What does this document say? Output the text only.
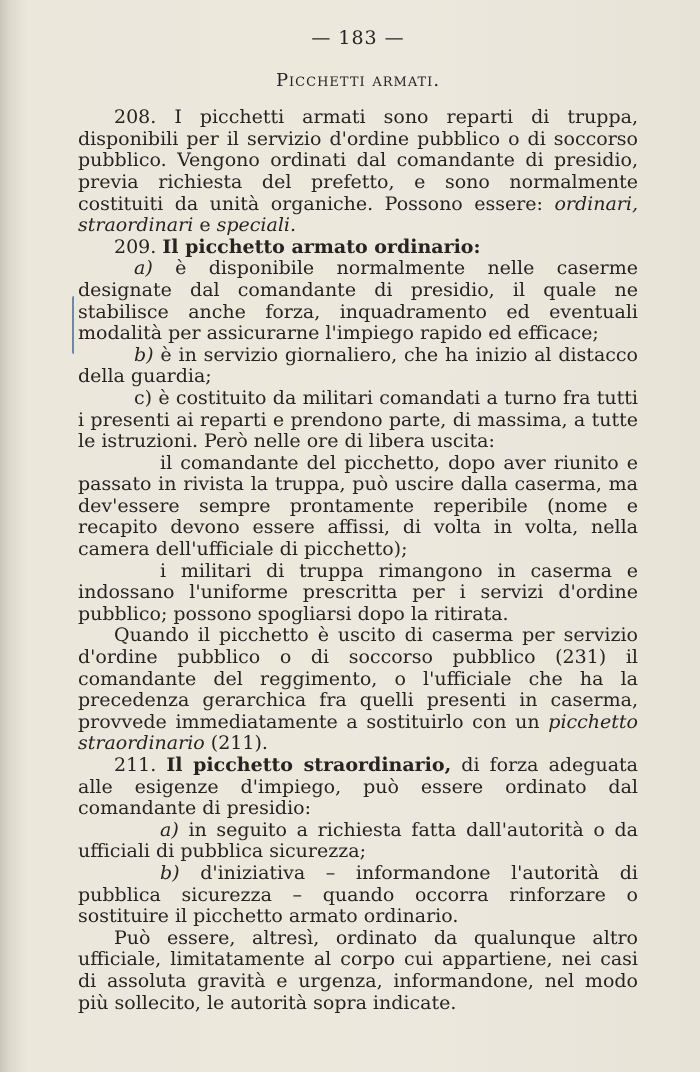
— 183 —
Picchetti armati.

208. I picchetti armati sono reparti di truppa, disponibili per il servizio d'ordine pubblico o di soccorso pubblico. Vengono ordinati dal comandante di presidio, previa richiesta del prefetto, e sono normalmente costituiti da unità organiche. Possono essere: ordinari, straordinari e speciali.

209. Il picchetto armato ordinario:

a) è disponibile normalmente nelle caserme designate dal comandante di presidio, il quale ne stabilisce anche forza, inquadramento ed eventuali modalità per assicurarne l'impiego rapido ed efficace;

b) è in servizio giornaliero, che ha inizio al distacco della guardia;

c) è costituito da militari comandati a turno fra tutti i presenti ai reparti e prendono parte, di massima, a tutte le istruzioni. Però nelle ore di libera uscita:

il comandante del picchetto, dopo aver riunito e passato in rivista la truppa, può uscire dalla caserma, ma dev'essere sempre prontamente reperibile (nome e recapito devono essere affissi, di volta in volta, nella camera dell'ufficiale di picchetto);

i militari di truppa rimangono in caserma e indossano l'uniforme prescritta per i servizi d'ordine pubblico; possono spogliarsi dopo la ritirata.

Quando il picchetto è uscito di caserma per servizio d'ordine pubblico o di soccorso pubblico (231) il comandante del reggimento, o l'ufficiale che ha la precedenza gerarchica fra quelli presenti in caserma, provvede immediatamente a sostituirlo con un picchetto straordinario (211).

211. Il picchetto straordinario, di forza adeguata alle esigenze d'impiego, può essere ordinato dal comandante di presidio:

a) in seguito a richiesta fatta dall'autorità o da ufficiali di pubblica sicurezza;

b) d'iniziativa – informandone l'autorità di pubblica sicurezza – quando occorra rinforzare o sostituire il picchetto armato ordinario.

Può essere, altresì, ordinato da qualunque altro ufficiale, limitatamente al corpo cui appartiene, nei casi di assoluta gravità e urgenza, informandone, nel modo più sollecito, le autorità sopra indicate.
